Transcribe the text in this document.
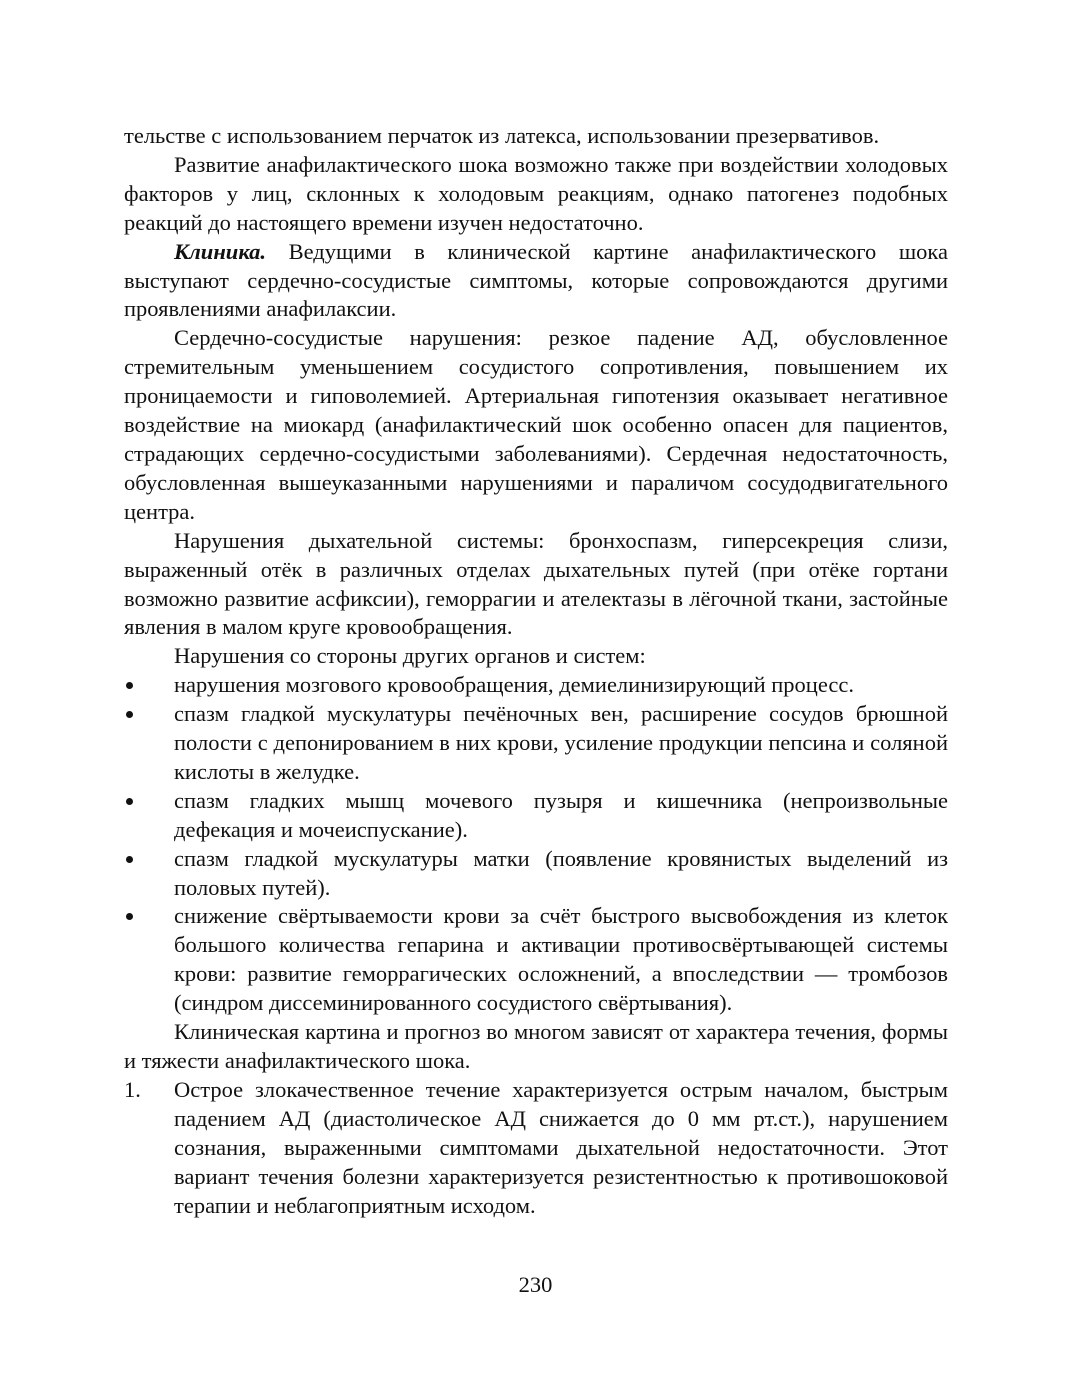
тельстве с использованием перчаток из латекса, использовании презервативов.

Развитие анафилактического шока возможно также при воздействии холодовых факторов у лиц, склонных к холодовым реакциям, однако патогенез подобных реакций до настоящего времени изучен недостаточно.

Клиника. Ведущими в клинической картине анафилактического шока выступают сердечно-сосудистые симптомы, которые сопровождаются другими проявлениями анафилаксии.

Сердечно-сосудистые нарушения: резкое падение АД, обусловленное стремительным уменьшением сосудистого сопротивления, повышением их проницаемости и гиповолемией. Артериальная гипотензия оказывает негативное воздействие на миокард (анафилактический шок особенно опасен для пациентов, страдающих сердечно-сосудистыми заболеваниями). Сердечная недостаточность, обусловленная вышеуказанными нарушениями и параличом сосудодвигательного центра.

Нарушения дыхательной системы: бронхоспазм, гиперсекреция слизи, выраженный отёк в различных отделах дыхательных путей (при отёке гортани возможно развитие асфиксии), геморрагии и ателектазы в лёгочной ткани, застойные явления в малом круге кровообращения.

Нарушения со стороны других органов и систем:

нарушения мозгового кровообращения, демиелинизирующий процесс.
спазм гладкой мускулатуры печёночных вен, расширение сосудов брюшной полости с депонированием в них крови, усиление продукции пепсина и соляной кислоты в желудке.
спазм гладких мышц мочевого пузыря и кишечника (непроизвольные дефекация и мочеиспускание).
спазм гладкой мускулатуры матки (появление кровянистых выделений из половых путей).
снижение свёртываемости крови за счёт быстрого высвобождения из клеток большого количества гепарина и активации противосвёртывающей системы крови: развитие геморрагических осложнений, а впоследствии — тромбозов (синдром диссеминированного сосудистого свёртывания).

Клиническая картина и прогноз во многом зависят от характера течения, формы и тяжести анафилактического шока.

1. Острое злокачественное течение характеризуется острым началом, быстрым падением АД (диастолическое АД снижается до 0 мм рт.ст.), нарушением сознания, выраженными симптомами дыхательной недостаточности. Этот вариант течения болезни характеризуется резистентностью к противошоковой терапии и неблагоприятным исходом.
230
